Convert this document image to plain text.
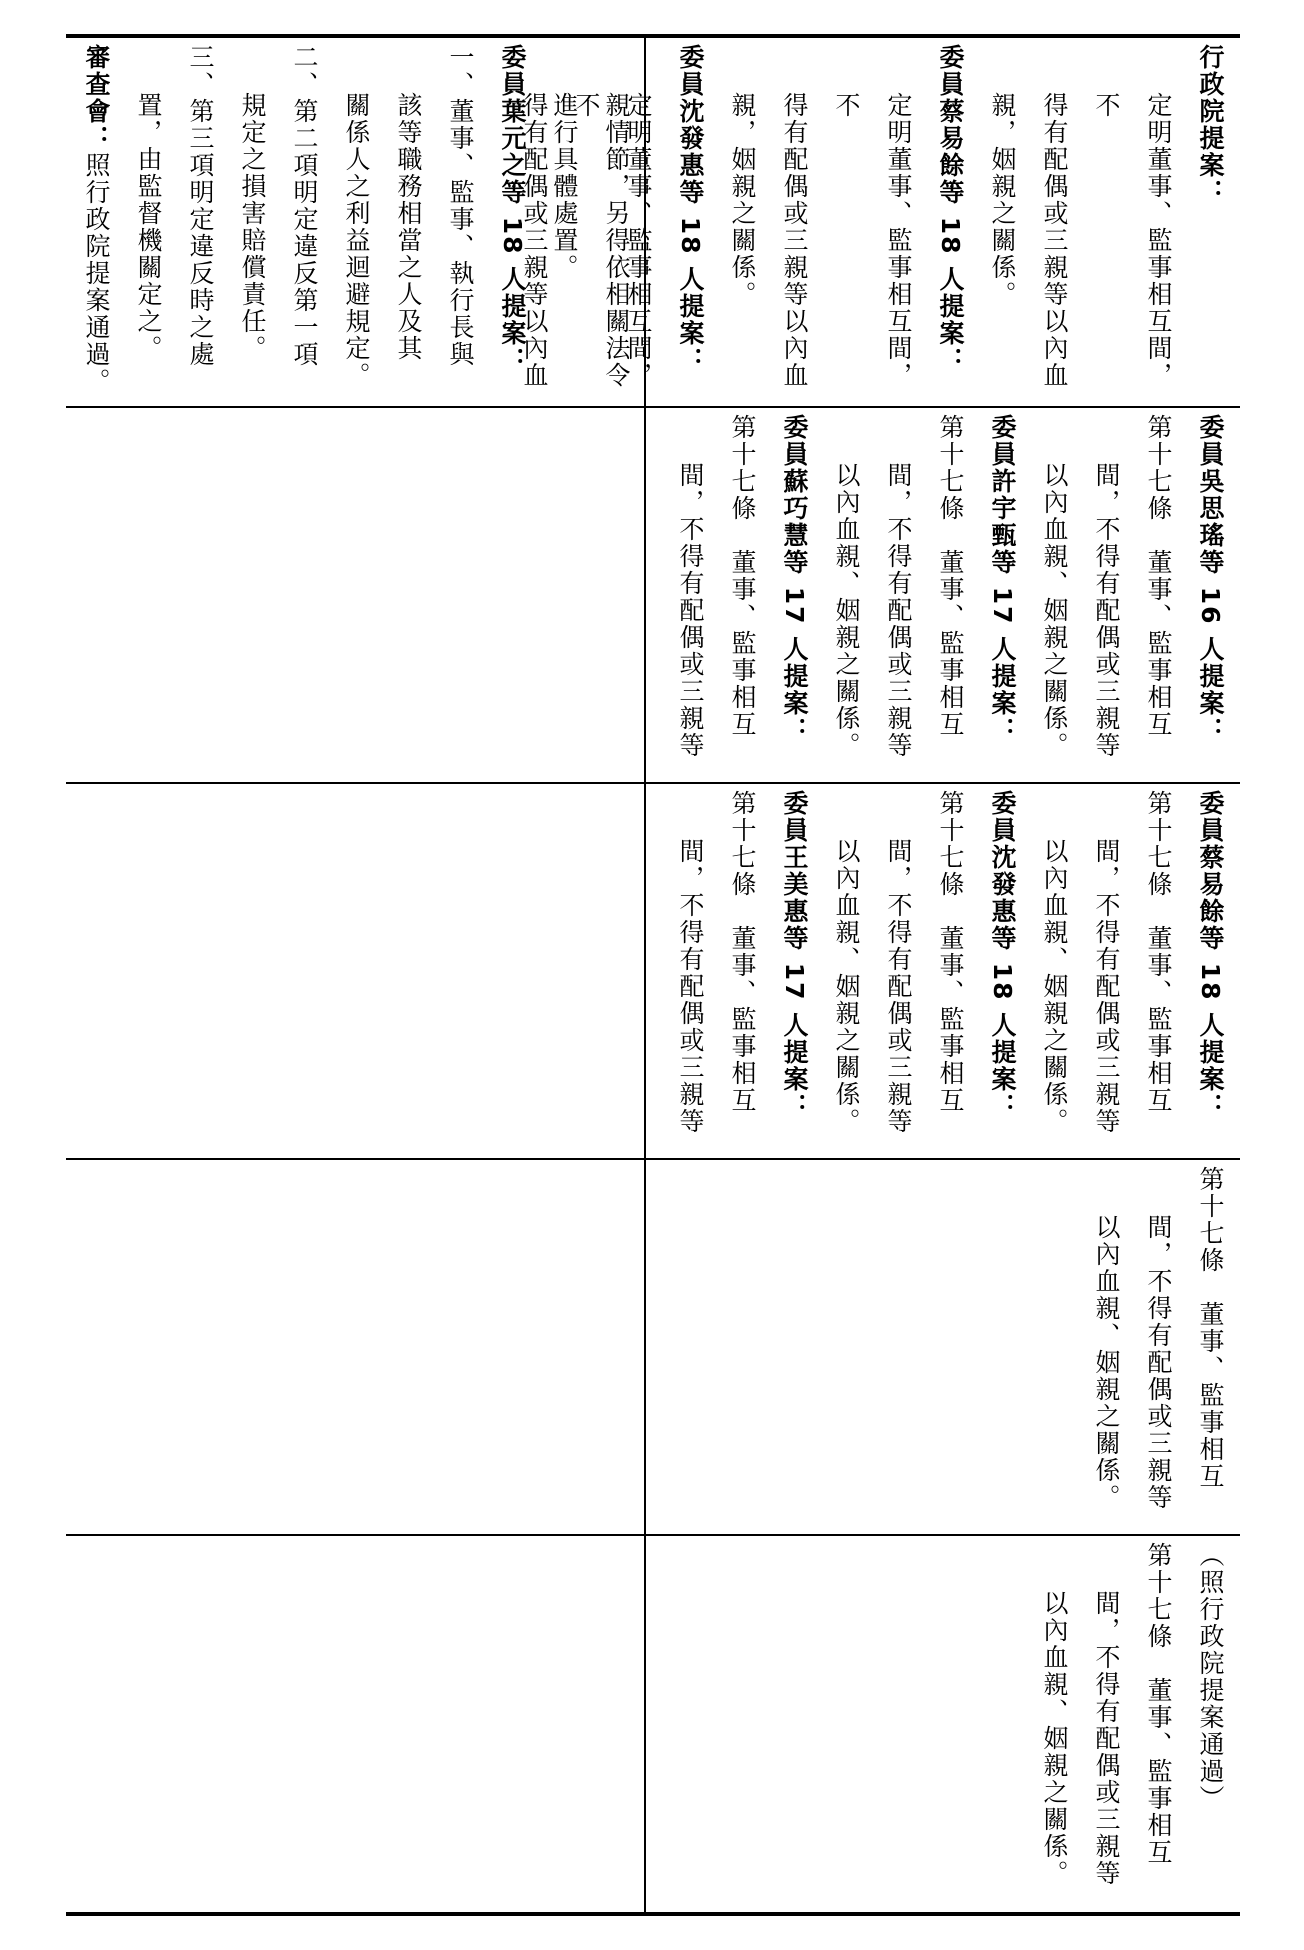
行政院提案：
定明董事、監事相互間，不
得有配偶或三親等以內血
親，姻親之關係。
委員蔡易餘等 18 人提案：
定明董事、監事相互間，不
得有配偶或三親等以內血
親，姻親之關係。
委員沈發惠等 18 人提案：
定明董事、監事相互間，不
得有配偶或三親等以內血	親情節，另得依相關法令
進行具體處置。
委員葉元之等 18 人提案：
一、董事、監事、執行長與
該等職務相當之人及其
關係人之利益迴避規定。
二、第二項明定違反第一項
規定之損害賠償責任。
三、第三項明定違反時之處
置，由監督機關定之。
審查會：照行政院提案通過。
委員吳思瑤等 16 人提案：
第十七條　董事、監事相互
間，不得有配偶或三親等
以內血親、姻親之關係。
委員許宇甄等 17 人提案：
第十七條　董事、監事相互
間，不得有配偶或三親等
以內血親、姻親之關係。
委員蘇巧慧等 17 人提案：
第十七條　董事、監事相互
間，不得有配偶或三親等
委員蔡易餘等 18 人提案：
第十七條　董事、監事相互
間，不得有配偶或三親等
以內血親、姻親之關係。
委員沈發惠等 18 人提案：
第十七條　董事、監事相互
間，不得有配偶或三親等
以內血親、姻親之關係。
委員王美惠等 17 人提案：
第十七條　董事、監事相互
間，不得有配偶或三親等
第十七條　董事、監事相互
間，不得有配偶或三親等
以內血親、姻親之關係。
（照行政院提案通過）
第十七條　董事、監事相互
間，不得有配偶或三親等
以內血親、姻親之關係。
